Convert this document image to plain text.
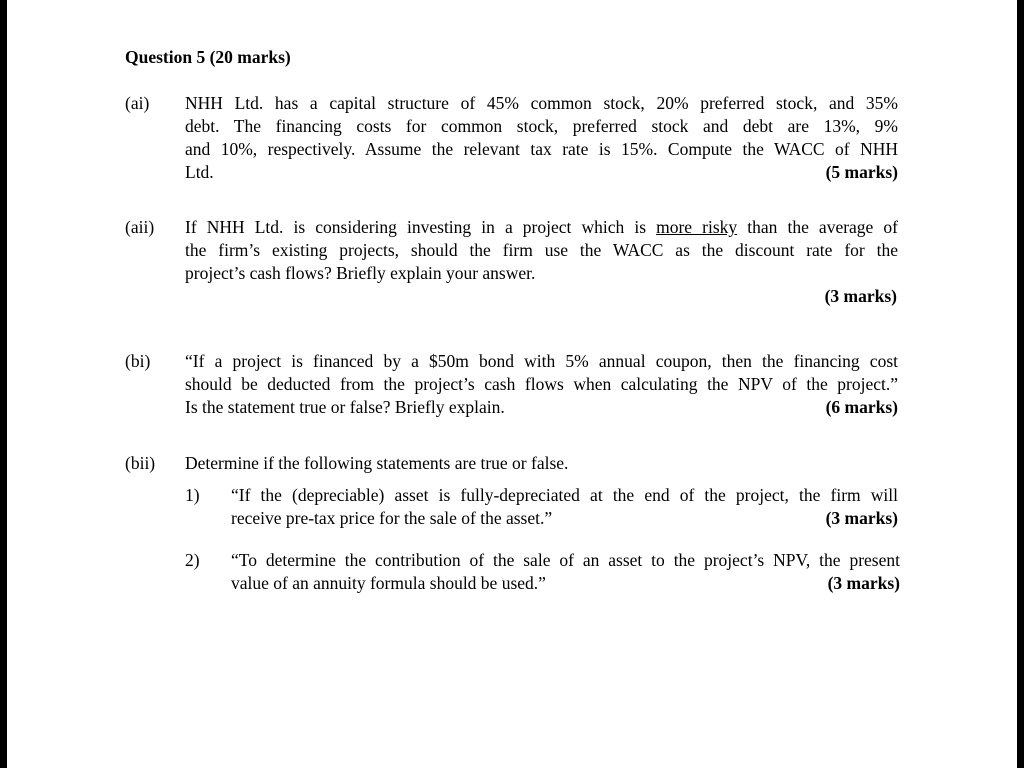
Question 5 (20 marks)
(ai) NHH Ltd. has a capital structure of 45% common stock, 20% preferred stock, and 35%
debt. The financing costs for common stock, preferred stock and debt are 13%, 9%
and 10%, respectively. Assume the relevant tax rate is 15%. Compute the WACC of NHH
Ltd.	(5 marks)
(aii) If NHH Ltd. is considering investing in a project which is more risky than the average of
the firm’s existing projects, should the firm use the WACC as the discount rate for the
project’s cash flows? Briefly explain your answer.
(3 marks)
(bi) “If a project is financed by a $50m bond with 5% annual coupon, then the financing cost
should be deducted from the project’s cash flows when calculating the NPV of the project.”
Is the statement true or false? Briefly explain.	(6 marks)
(bii) Determine if the following statements are true or false.
1) “If the (depreciable) asset is fully-depreciated at the end of the project, the firm will
receive pre-tax price for the sale of the asset.”	(3 marks)
2) “To determine the contribution of the sale of an asset to the project’s NPV, the present
value of an annuity formula should be used.”	(3 marks)
